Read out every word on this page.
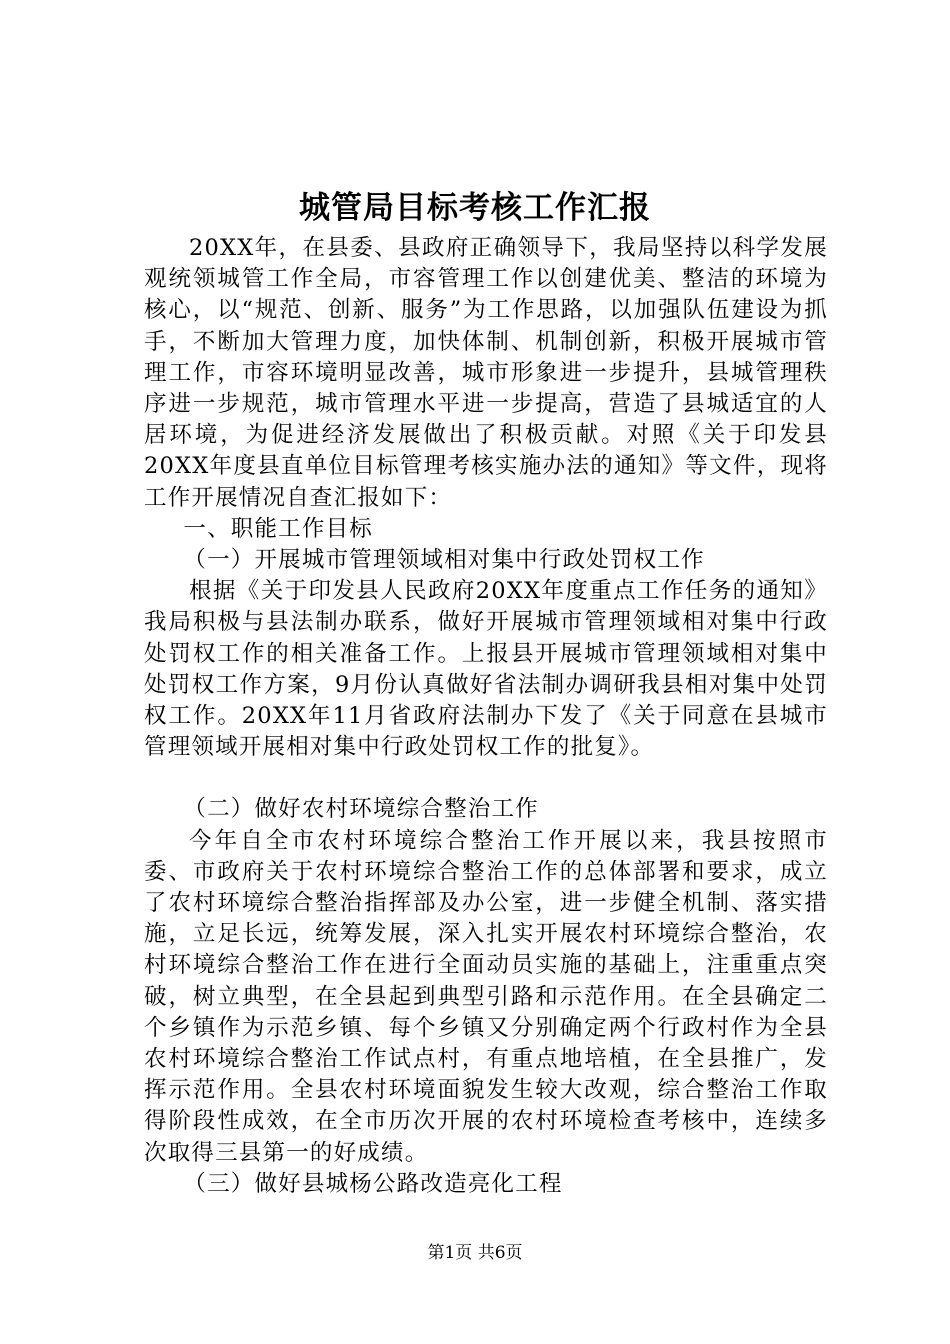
城管局目标考核工作汇报

20XX年，在县委、县政府正确领导下，我局坚持以科学发展观统领城管工作全局，市容管理工作以创建优美、整洁的环境为核心，以“规范、创新、服务”为工作思路，以加强队伍建设为抓手，不断加大管理力度，加快体制、机制创新，积极开展城市管理工作，市容环境明显改善，城市形象进一步提升，县城管理秩序进一步规范，城市管理水平进一步提高，营造了县城适宜的人居环境，为促进经济发展做出了积极贡献。对照《关于印发县20XX年度县直单位目标管理考核实施办法的通知》等文件，现将工作开展情况自查汇报如下：

一、职能工作目标

（一）开展城市管理领域相对集中行政处罚权工作

根据《关于印发县人民政府20XX年度重点工作任务的通知》我局积极与县法制办联系，做好开展城市管理领域相对集中行政处罚权工作的相关准备工作。上报县开展城市管理领域相对集中处罚权工作方案，9月份认真做好省法制办调研我县相对集中处罚权工作。20XX年11月省政府法制办下发了《关于同意在县城市管理领域开展相对集中行政处罚权工作的批复》。

（二）做好农村环境综合整治工作

今年自全市农村环境综合整治工作开展以来，我县按照市委、市政府关于农村环境综合整治工作的总体部署和要求，成立了农村环境综合整治指挥部及办公室，进一步健全机制、落实措施，立足长远，统筹发展，深入扎实开展农村环境综合整治，农村环境综合整治工作在进行全面动员实施的基础上，注重重点突破，树立典型，在全县起到典型引路和示范作用。在全县确定二个乡镇作为示范乡镇、每个乡镇又分别确定两个行政村作为全县农村环境综合整治工作试点村，有重点地培植，在全县推广，发挥示范作用。全县农村环境面貌发生较大改观，综合整治工作取得阶段性成效，在全市历次开展的农村环境检查考核中，连续多次取得三县第一的好成绩。

（三）做好县城杨公路改造亮化工程

第1页 共6页
